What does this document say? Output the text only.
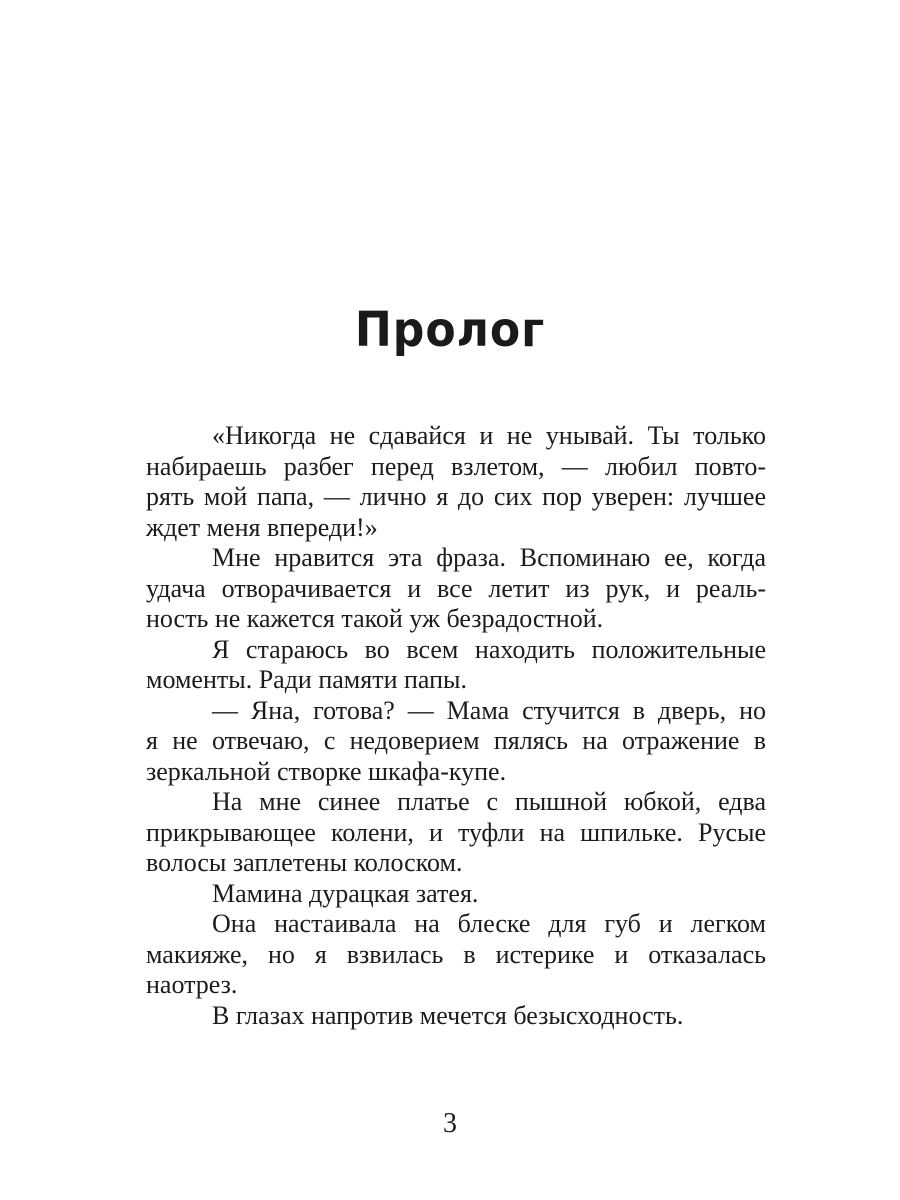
Пролог
«Никогда не сдавайся и не унывай. Ты только
набираешь разбег перед взлетом, — любил повто-
рять мой папа, — лично я до сих пор уверен: лучшее
ждет меня впереди!»
Мне нравится эта фраза. Вспоминаю ее, когда
удача отворачивается и все летит из рук, и реаль-
ность не кажется такой уж безрадостной.
Я стараюсь во всем находить положительные
моменты. Ради памяти папы.
— Яна, готова? — Мама стучится в дверь, но
я не отвечаю, с недоверием пялясь на отражение в
зеркальной створке шкафа-купе.
На мне синее платье с пышной юбкой, едва
прикрывающее колени, и туфли на шпильке. Русые
волосы заплетены колоском.
Мамина дурацкая затея.
Она настаивала на блеске для губ и легком
макияже, но я взвилась в истерике и отказалась
наотрез.
В глазах напротив мечется безысходность.
3
